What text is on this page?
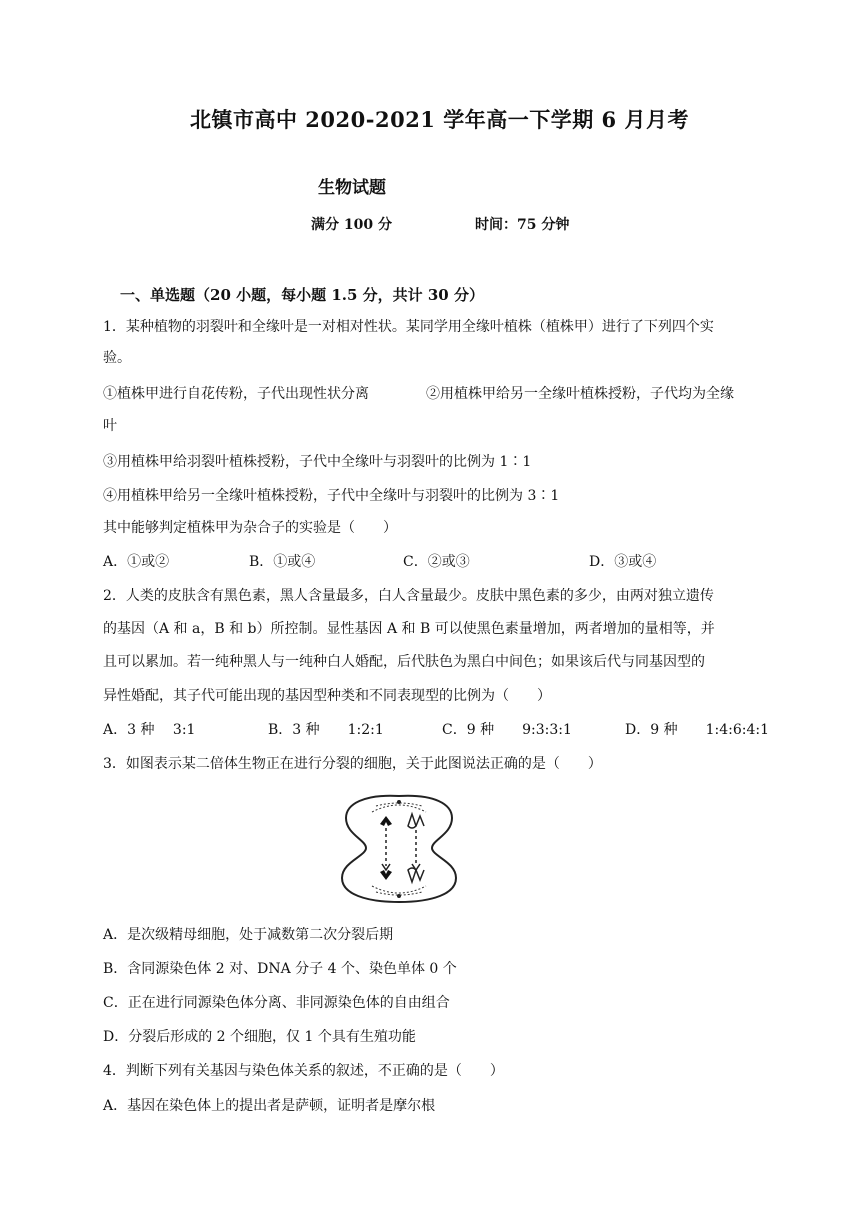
北镇市高中 2020-2021 学年高一下学期 6 月月考
生物试题
满分 100 分	时间：75 分钟
一、单选题（20 小题，每小题 1.5 分，共计 30 分）
1．某种植物的羽裂叶和全缘叶是一对相对性状。某同学用全缘叶植株（植株甲）进行了下列四个实
验。
①植株甲进行自花传粉，子代出现性状分离	②用植株甲给另一全缘叶植株授粉，子代均为全缘
叶
③用植株甲给羽裂叶植株授粉，子代中全缘叶与羽裂叶的比例为 1∶1
④用植株甲给另一全缘叶植株授粉，子代中全缘叶与羽裂叶的比例为 3∶1
其中能够判定植株甲为杂合子的实验是（　　）
A．①或②	B．①或④	C．②或③	D．③或④
2．人类的皮肤含有黑色素，黑人含量最多，白人含量最少。皮肤中黑色素的多少，由两对独立遗传
的基因（A 和 a，B 和 b）所控制。显性基因 A 和 B 可以使黑色素量增加，两者增加的量相等，并
且可以累加。若一纯种黑人与一纯种白人婚配，后代肤色为黑白中间色；如果该后代与同基因型的
异性婚配，其子代可能出现的基因型种类和不同表现型的比例为（　　）
A．3 种　 3:1	B．3 种　　1:2:1	C．9 种　　9:3:3:1	D．9 种　　1:4:6:4:1
3．如图表示某二倍体生物正在进行分裂的细胞，关于此图说法正确的是（　　）
A．是次级精母细胞，处于减数第二次分裂后期
B．含同源染色体 2 对、DNA 分子 4 个、染色单体 0 个
C．正在进行同源染色体分离、非同源染色体的自由组合
D．分裂后形成的 2 个细胞，仅 1 个具有生殖功能
4．判断下列有关基因与染色体关系的叙述，不正确的是（　　）
A．基因在染色体上的提出者是萨顿，证明者是摩尔根
